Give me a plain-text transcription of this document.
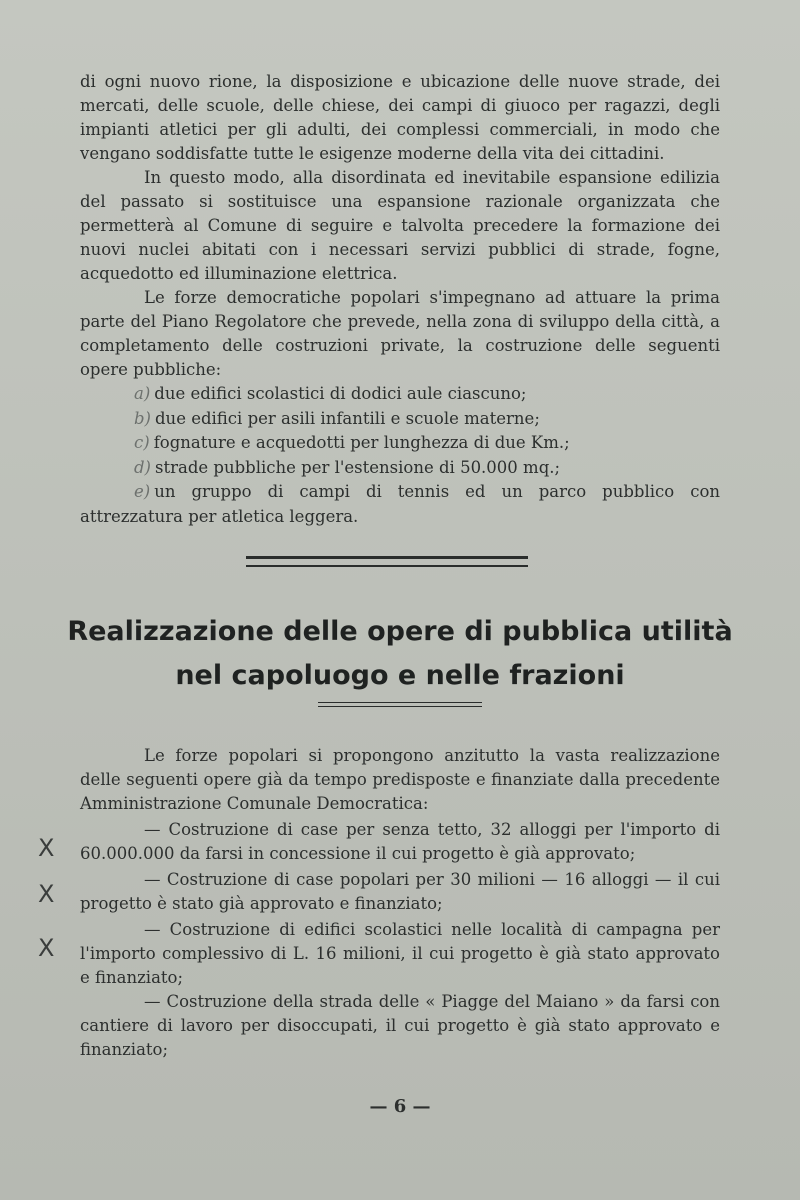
di ogni nuovo rione, la disposizione e ubicazione delle nuove strade, dei mercati, delle scuole, delle chiese, dei campi di giuoco per ragazzi, degli impianti atletici per gli adulti, dei complessi commerciali, in modo che vengano soddisfatte tutte le esigenze moderne della vita dei cittadini.

In questo modo, alla disordinata ed inevitabile espansione edilizia del passato si sostituisce una espansione razionale organizzata che permetterà al Comune di seguire e talvolta precedere la formazione dei nuovi nuclei abitati con i necessari servizi pubblici di strade, fogne, acquedotto ed illuminazione elettrica.

Le forze democratiche popolari s'impegnano ad attuare la prima parte del Piano Regolatore che prevede, nella zona di sviluppo della città, a completamento delle costruzioni private, la costruzione delle seguenti opere pubbliche:

a) due edifici scolastici di dodici aule ciascuno;
b) due edifici per asili infantili e scuole materne;
c) fognature e acquedotti per lunghezza di due Km.;
d) strade pubbliche per l'estensione di 50.000 mq.;
e) un gruppo di campi di tennis ed un parco pubblico con attrezzatura per atletica leggera.
Realizzazione delle opere di pubblica utilità
nel capoluogo e nelle frazioni

Le forze popolari si propongono anzitutto la vasta realizzazione delle seguenti opere già da tempo predisposte e finanziate dalla precedente Amministrazione Comunale Democratica:

— Costruzione di case per senza tetto, 32 alloggi per l'importo di 60.000.000 da farsi in concessione il cui progetto è già approvato;

— Costruzione di case popolari per 30 milioni — 16 alloggi — il cui progetto è stato già approvato e finanziato;

— Costruzione di edifici scolastici nelle località di campagna per l'importo complessivo di L. 16 milioni, il cui progetto è già stato approvato e finanziato;

— Costruzione della strada delle « Piagge del Maiano » da farsi con cantiere di lavoro per disoccupati, il cui progetto è già stato approvato e finanziato;

X
X
X
— 6 —
